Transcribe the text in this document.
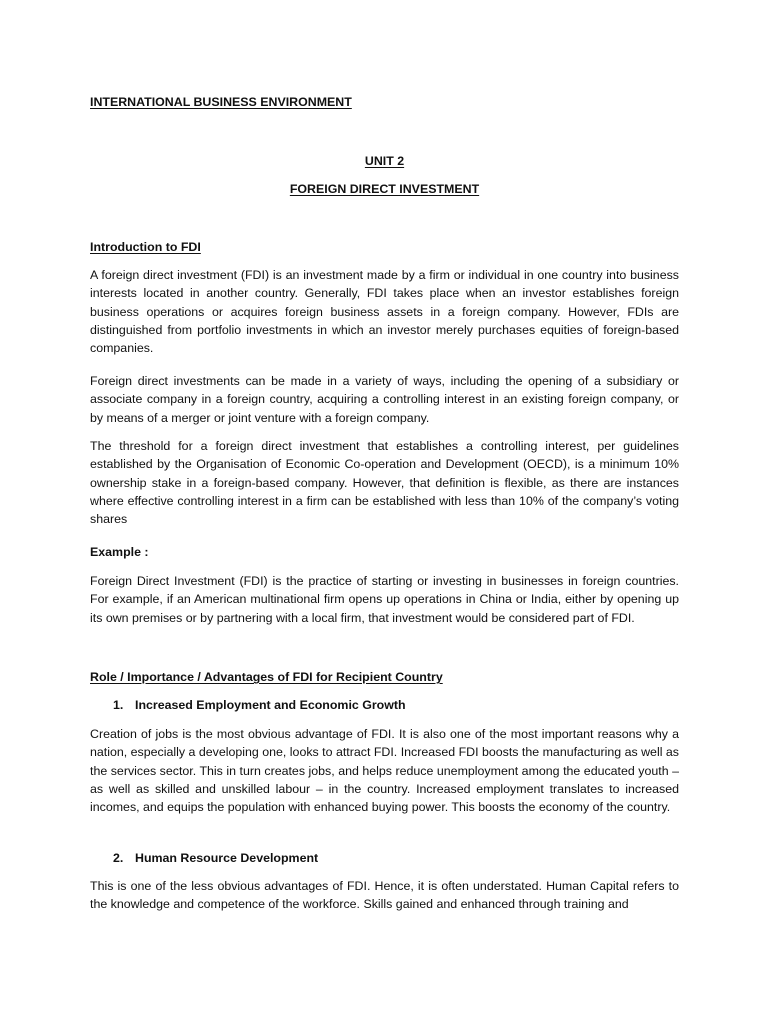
INTERNATIONAL BUSINESS ENVIRONMENT

UNIT 2

FOREIGN DIRECT INVESTMENT

Introduction to FDI

A foreign direct investment (FDI) is an investment made by a firm or individual in one country into business interests located in another country. Generally, FDI takes place when an investor establishes foreign business operations or acquires foreign business assets in a foreign company. However, FDIs are distinguished from portfolio investments in which an investor merely purchases equities of foreign-based companies.

Foreign direct investments can be made in a variety of ways, including the opening of a subsidiary or associate company in a foreign country, acquiring a controlling interest in an existing foreign company, or by means of a merger or joint venture with a foreign company.

The threshold for a foreign direct investment that establishes a controlling interest, per guidelines established by the Organisation of Economic Co-operation and Development (OECD), is a minimum 10% ownership stake in a foreign-based company. However, that definition is flexible, as there are instances where effective controlling interest in a firm can be established with less than 10% of the company’s voting shares

Example :

Foreign Direct Investment (FDI) is the practice of starting or investing in businesses in foreign countries. For example, if an American multinational firm opens up operations in China or India, either by opening up its own premises or by partnering with a local firm, that investment would be considered part of FDI.

Role / Importance / Advantages of FDI for Recipient Country

1. Increased Employment and Economic Growth

Creation of jobs is the most obvious advantage of FDI. It is also one of the most important reasons why a nation, especially a developing one, looks to attract FDI. Increased FDI boosts the manufacturing as well as the services sector. This in turn creates jobs, and helps reduce unemployment among the educated youth – as well as skilled and unskilled labour – in the country. Increased employment translates to increased incomes, and equips the population with enhanced buying power. This boosts the economy of the country.

2. Human Resource Development

This is one of the less obvious advantages of FDI. Hence, it is often understated. Human Capital refers to the knowledge and competence of the workforce. Skills gained and enhanced through training and
